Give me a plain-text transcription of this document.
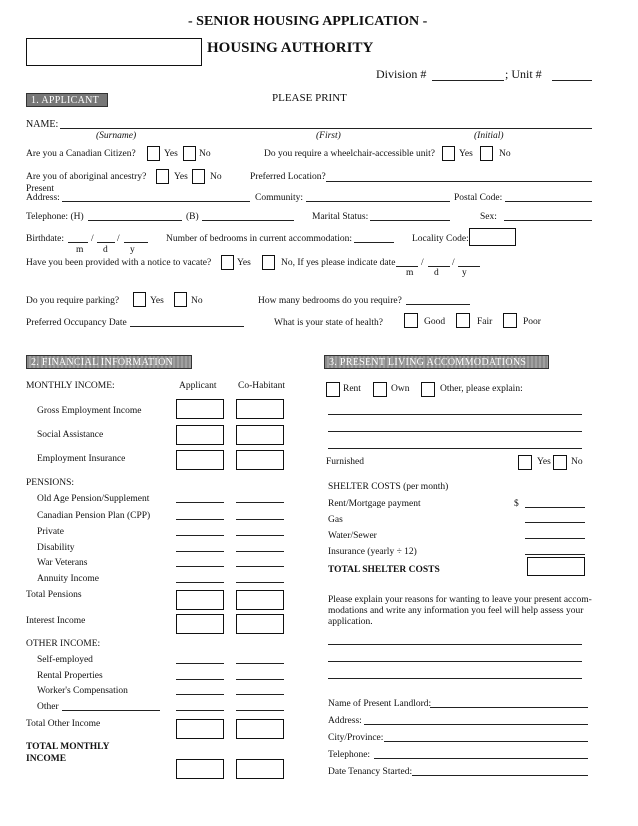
- SENIOR HOUSING APPLICATION -
HOUSING AUTHORITY
Division #	; Unit #
1. APPLICANT	PLEASE PRINT
NAME:
(Surname)	(First)	(Initial)
Are you a Canadian Citizen?	Yes No	Do you require a wheelchair-accessible unit?	Yes	No
Are you of aboriginal ancestry?	Yes No	Preferred Location?
Present
Address:	Community:	Postal Code:
Telephone: (H)	(B)	Marital Status:	Sex:
Birthdate:	/ /
m d y
Number of bedrooms in current accommodation:	Locality Code:
Have you been provided with a notice to vacate?	Yes	No, If yes please indicate date	/	/
m d y
Do you require parking?	Yes	No	How many bedrooms do you require?
Preferred Occupancy Date	What is your state of health?	Good	Fair	Poor
2. FINANCIAL INFORMATION	3. PRESENT LIVING ACCOMMODATIONS
MONTHLY INCOME:	Applicant Co-Habitant
Gross Employment Income
Social Assistance
Employment Insurance
PENSIONS:
Old Age Pension/Supplement
Canadian Pension Plan (CPP)
Private
Disability
War Veterans
Annuity Income
Total Pensions
Interest Income
OTHER INCOME:
Self-employed
Rental Properties
Worker's Compensation
Other
Total Other Income
TOTAL MONTHLY
INCOME
Rent	Own	Other, please explain:
Furnished	Yes No
SHELTER COSTS (per month)
Rent/Mortgage payment	$
Gas
Water/Sewer
Insurance (yearly ÷ 12)
TOTAL SHELTER COSTS
Please explain your reasons for wanting to leave your present accom-
modations and write any information you feel will help assess your
application.
Name of Present Landlord:
Address:
City/Province:
Telephone:
Date Tenancy Started:
